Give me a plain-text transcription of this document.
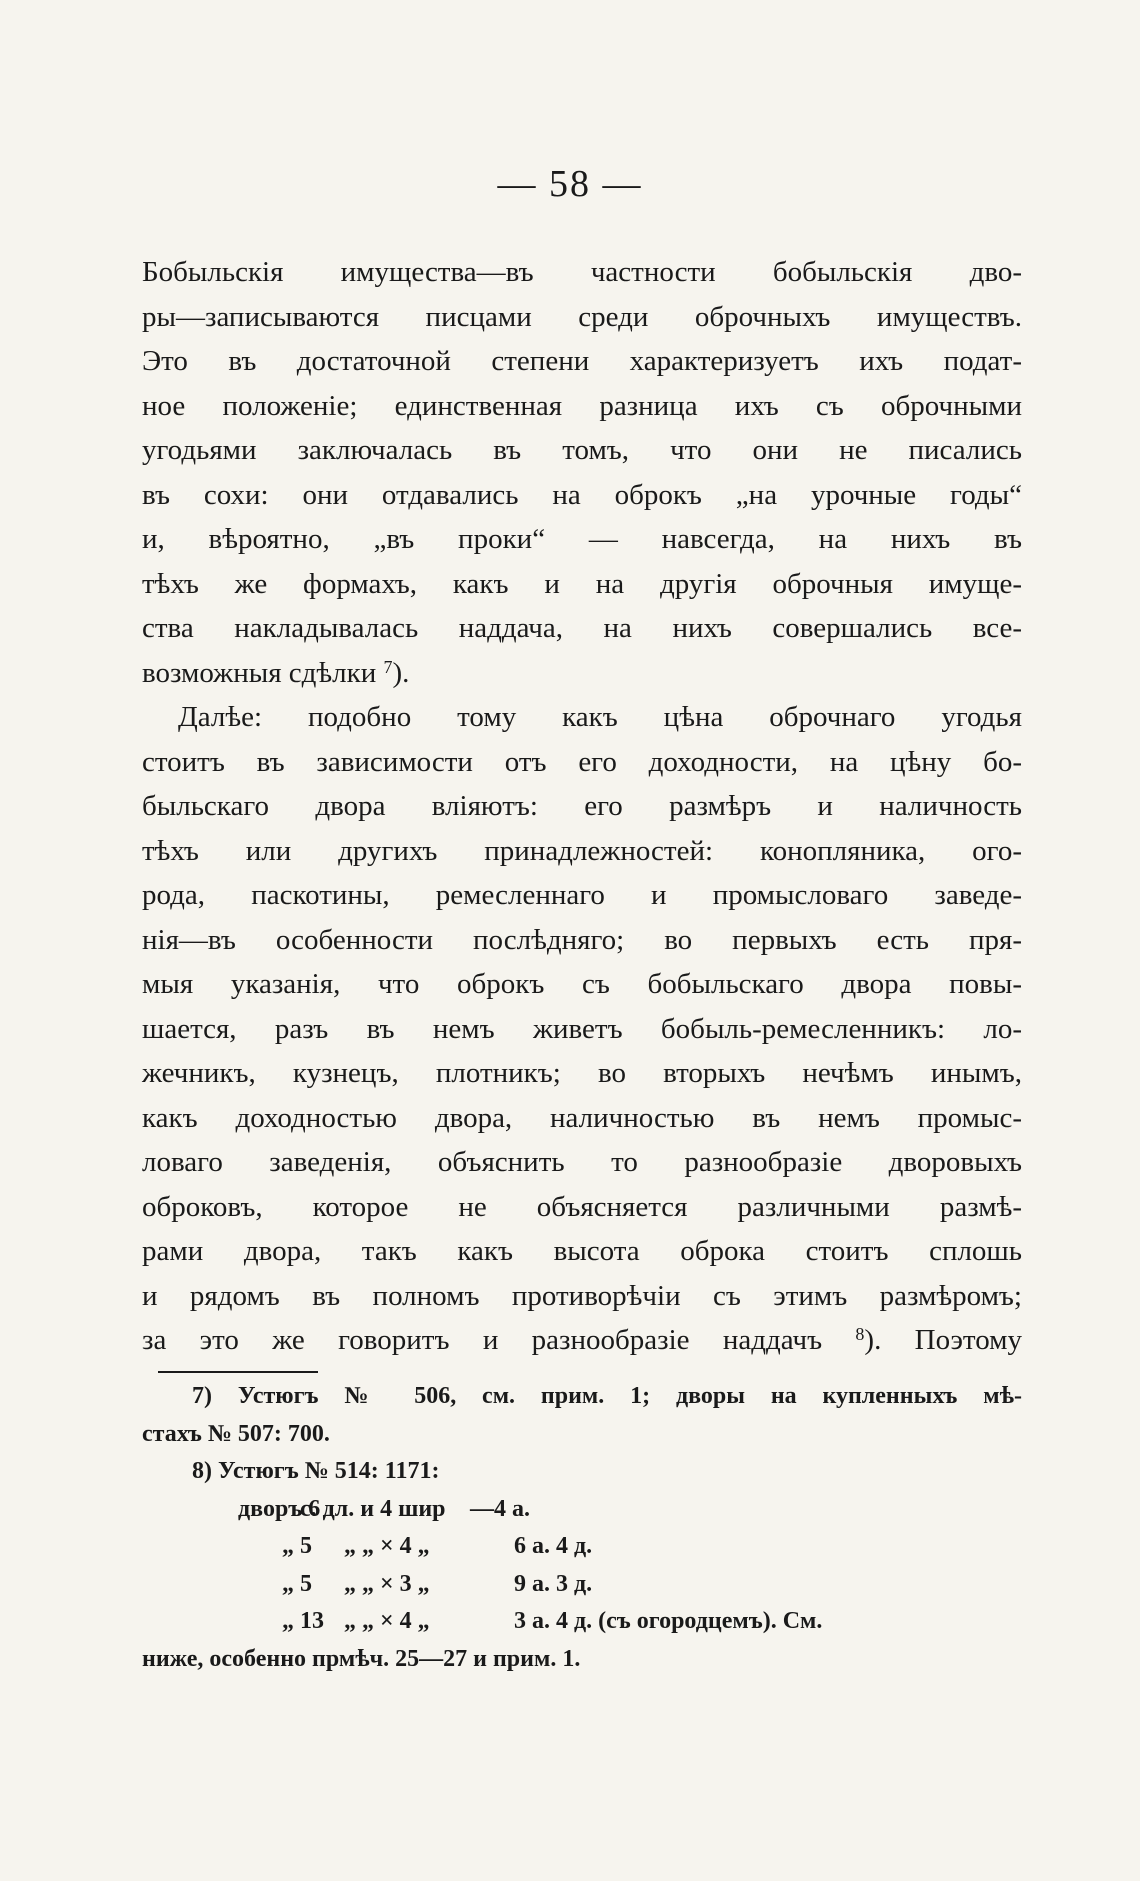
— 58 —
Бобыльскія имущества—въ частности бобыльскія дво-
ры—записываются писцами среди оброчныхъ имуществъ.
Это въ достаточной степени характеризуетъ ихъ подат-
ное положеніе; единственная разница ихъ съ оброчными
угодьями заключалась въ томъ, что они не писались
въ сохи: они отдавались на оброкъ „на урочные годы“
и, вѣроятно, „въ проки“ — навсегда, на нихъ въ
тѣхъ же формахъ, какъ и на другія оброчныя имуще-
ства накладывалась наддача, на нихъ совершались все-
возможныя сдѣлки $^7$).
Далѣе: подобно тому какъ цѣна оброчнаго угодья
стоитъ въ зависимости отъ его доходности, на цѣну бо-
быльскаго двора вліяютъ: его размѣръ и наличность
тѣхъ или другихъ принадлежностей: конопляника, ого-
рода, паскотины, ремесленнаго и промысловаго заведе-
нія—въ особенности послѣдняго; во первыхъ есть пря-
мыя указанія, что оброкъ съ бобыльскаго двора повы-
шается, разъ въ немъ живетъ бобыль-ремесленникъ: ло-
жечникъ, кузнецъ, плотникъ; во вторыхъ нечѣмъ инымъ,
какъ доходностью двора, наличностью въ немъ промыс-
ловаго заведенія, объяснить то разнообразіе дворовыхъ
оброковъ, которое не объясняется различными размѣ-
рами двора, такъ какъ высота оброка стоитъ сплошь
и рядомъ въ полномъ противорѣчіи съ этимъ размѣромъ;
за это же говоритъ и разнообразіе наддачъ $^8$). Поэтому
7) Устюгъ № 506, см. прим. 1; дворы на купленныхъ мѣ-
стахъ № 507: 700.
8) Устюгъ № 514: 1171:
дворъ 6с. дл. и 4 шир —4 а.
„ 5 „ „ × 4 „	6 а. 4 д.
„ 5 „ „ × 3 „	9 а. 3 д.
„ 13 „ „ × 4 „	3 а. 4 д. (съ огородцемъ). См.
ниже, особенно прмѣч. 25—27 и прим. 1.
